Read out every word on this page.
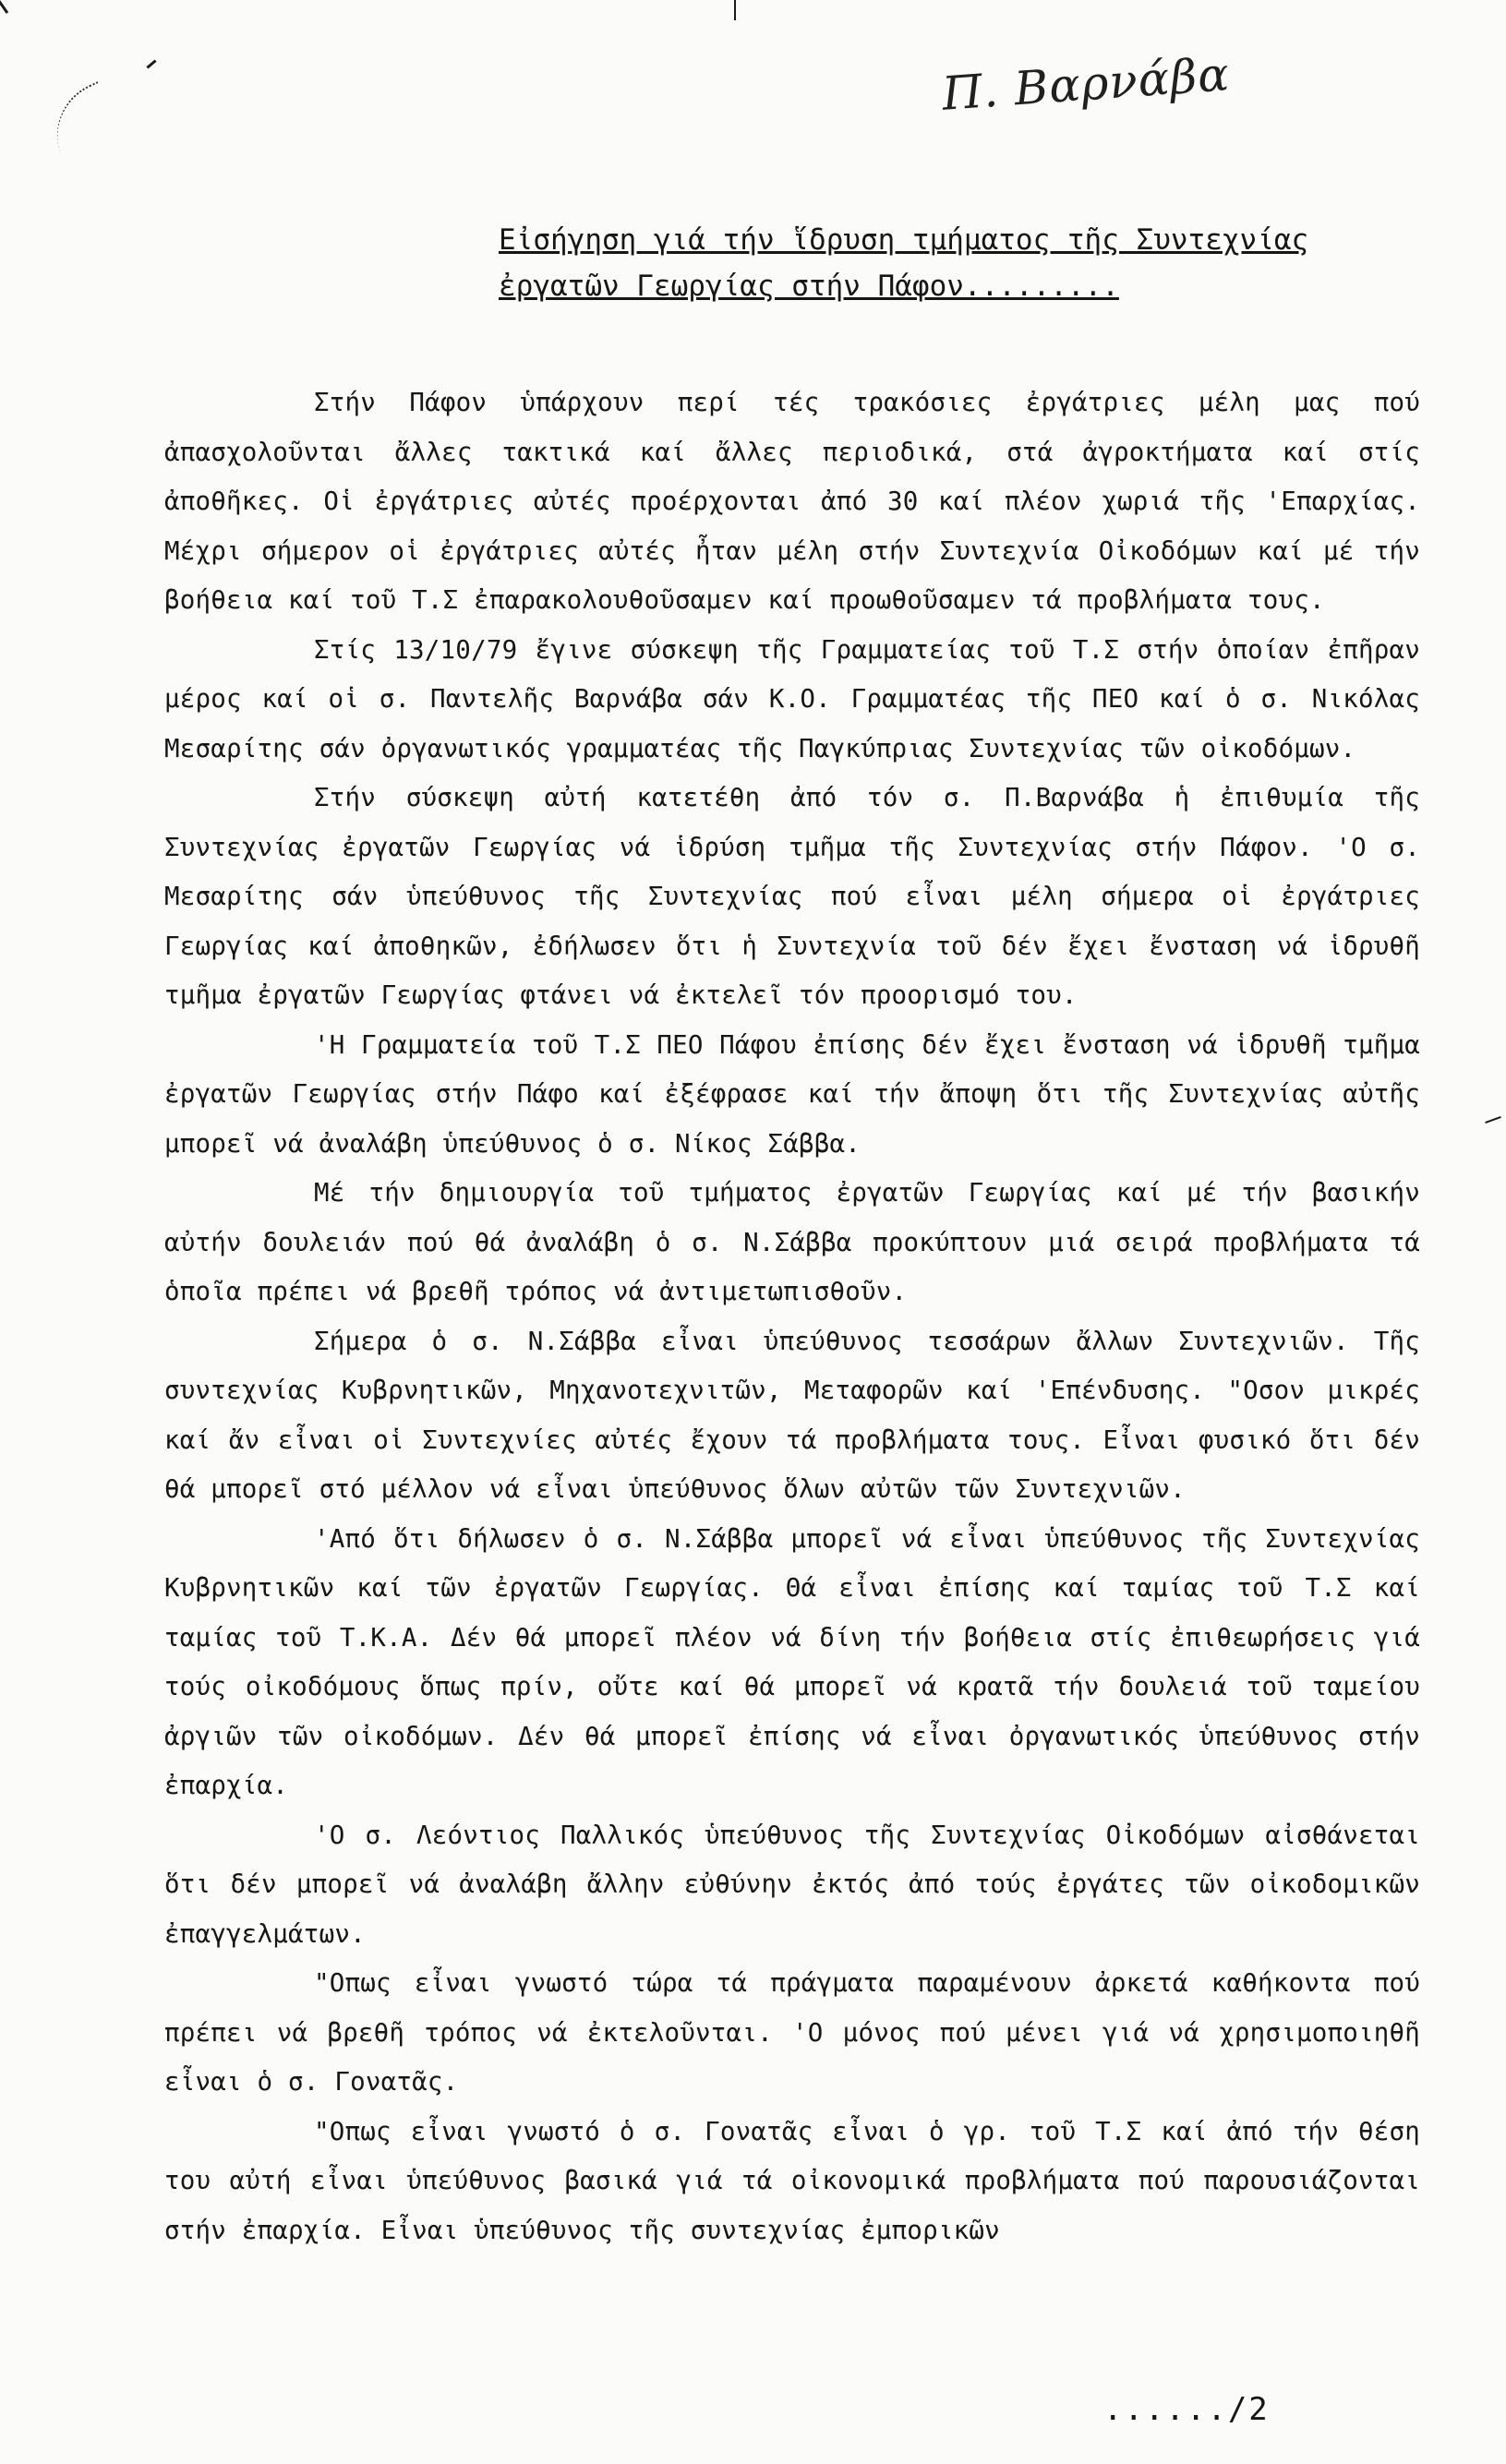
Π. Βαρνάβα
Εἰσήγηση γιά τήν ἵδρυση τμήματος τῆς Συντεχνίας
ἐργατῶν Γεωργίας στήν Πάφον.........

Στήν Πάφον ὑπάρχουν περί τές τρακόσιες ἐργάτριες μέλη μας πού ἀπασχολοῦνται ἄλλες τακτικά καί ἄλλες περιοδικά, στά ἀγροκτήματα καί στίς ἀποθῆκες. Οἱ ἐργάτριες αὐτές προέρχονται ἀπό 30 καί πλέον χωριά τῆς 'Επαρχίας. Μέχρι σήμερον οἱ ἐργάτριες αὐτές ἦταν μέλη στήν Συντεχνία Οἰκοδόμων καί μέ τήν βοήθεια καί τοῦ Τ.Σ ἐπαρακολουθοῦσαμεν καί προωθοῦσαμεν τά προβλήματα τους.

Στίς 13/10/79 ἔγινε σύσκεψη τῆς Γραμματείας τοῦ Τ.Σ στήν ὁποίαν ἐπῆραν μέρος καί οἱ σ. Παντελῆς Βαρνάβα σάν Κ.Ο. Γραμματέας τῆς ΠΕΟ καί ὁ σ. Νικόλας Μεσαρίτης σάν ὀργανωτικός γραμματέας τῆς Παγκύπριας Συντεχνίας τῶν οἰκοδόμων.

Στήν σύσκεψη αὐτή κατετέθη ἀπό τόν σ. Π.Βαρνάβα ἡ ἐπιθυμία τῆς Συντεχνίας ἐργατῶν Γεωργίας νά ἱδρύση τμῆμα τῆς Συντεχνίας στήν Πάφον. 'Ο σ. Μεσαρίτης σάν ὑπεύθυνος τῆς Συντεχνίας πού εἶναι μέλη σήμερα οἱ ἐργάτριες Γεωργίας καί ἀποθηκῶν, ἐδήλωσεν ὅτι ἡ Συντεχνία τοῦ δέν ἔχει ἔνσταση νά ἱδρυθῆ τμῆμα ἐργατῶν Γεωργίας φτάνει νά ἐκτελεῖ τόν προορισμό του.

'Η Γραμματεία τοῦ Τ.Σ ΠΕΟ Πάφου ἐπίσης δέν ἔχει ἔνσταση νά ἱδρυθῆ τμῆμα ἐργατῶν Γεωργίας στήν Πάφο καί ἐξέφρασε καί τήν ἄποψη ὅτι τῆς Συντεχνίας αὐτῆς μπορεῖ νά ἀναλάβη ὑπεύθυνος ὁ σ. Νίκος Σάββα.

Μέ τήν δημιουργία τοῦ τμήματος ἐργατῶν Γεωργίας καί μέ τήν βασικήν αὐτήν δουλειάν πού θά ἀναλάβη ὁ σ. Ν.Σάββα προκύπτουν μιά σειρά προβλήματα τά ὁποῖα πρέπει νά βρεθῆ τρόπος νά ἀντιμετωπισθοῦν.

Σήμερα ὁ σ. Ν.Σάββα εἶναι ὑπεύθυνος τεσσάρων ἄλλων Συντεχνιῶν. Τῆς συντεχνίας Κυβρνητικῶν, Μηχανοτεχνιτῶν, Μεταφορῶν καί 'Επένδυσης. "Οσον μικρές καί ἄν εἶναι οἱ Συντεχνίες αὐτές ἔχουν τά προβλήματα τους. Εἶναι φυσικό ὅτι δέν θά μπορεῖ στό μέλλον νά εἶναι ὑπεύθυνος ὅλων αὐτῶν τῶν Συντεχνιῶν.

'Από ὅτι δήλωσεν ὁ σ. Ν.Σάββα μπορεῖ νά εἶναι ὑπεύθυνος τῆς Συντεχνίας Κυβρνητικῶν καί τῶν ἐργατῶν Γεωργίας. Θά εἶναι ἐπίσης καί ταμίας τοῦ Τ.Σ καί ταμίας τοῦ Τ.Κ.Α. Δέν θά μπορεῖ πλέον νά δίνη τήν βοήθεια στίς ἐπιθεωρήσεις γιά τούς οἰκοδόμους ὅπως πρίν, οὔτε καί θά μπορεῖ νά κρατᾶ τήν δουλειά τοῦ ταμείου ἀργιῶν τῶν οἰκοδόμων. Δέν θά μπορεῖ ἐπίσης νά εἶναι ὀργανωτικός ὑπεύθυνος στήν ἐπαρχία.

'Ο σ. Λεόντιος Παλλικός ὑπεύθυνος τῆς Συντεχνίας Οἰκοδόμων αἰσθάνεται ὅτι δέν μπορεῖ νά ἀναλάβη ἄλλην εὐθύνην ἐκτός ἀπό τούς ἐργάτες τῶν οἰκοδομικῶν ἐπαγγελμάτων.

"Οπως εἶναι γνωστό τώρα τά πράγματα παραμένουν ἀρκετά καθήκοντα πού πρέπει νά βρεθῆ τρόπος νά ἐκτελοῦνται. 'Ο μόνος πού μένει γιά νά χρησιμοποιηθῆ εἶναι ὁ σ. Γονατᾶς.

"Οπως εἶναι γνωστό ὁ σ. Γονατᾶς εἶναι ὁ γρ. τοῦ Τ.Σ καί ἀπό τήν θέση του αὐτή εἶναι ὑπεύθυνος βασικά γιά τά οἰκονομικά προβλήματα πού παρουσιάζονται στήν ἐπαρχία. Εἶναι ὑπεύθυνος τῆς συντεχνίας ἐμπορικῶν

....../2
